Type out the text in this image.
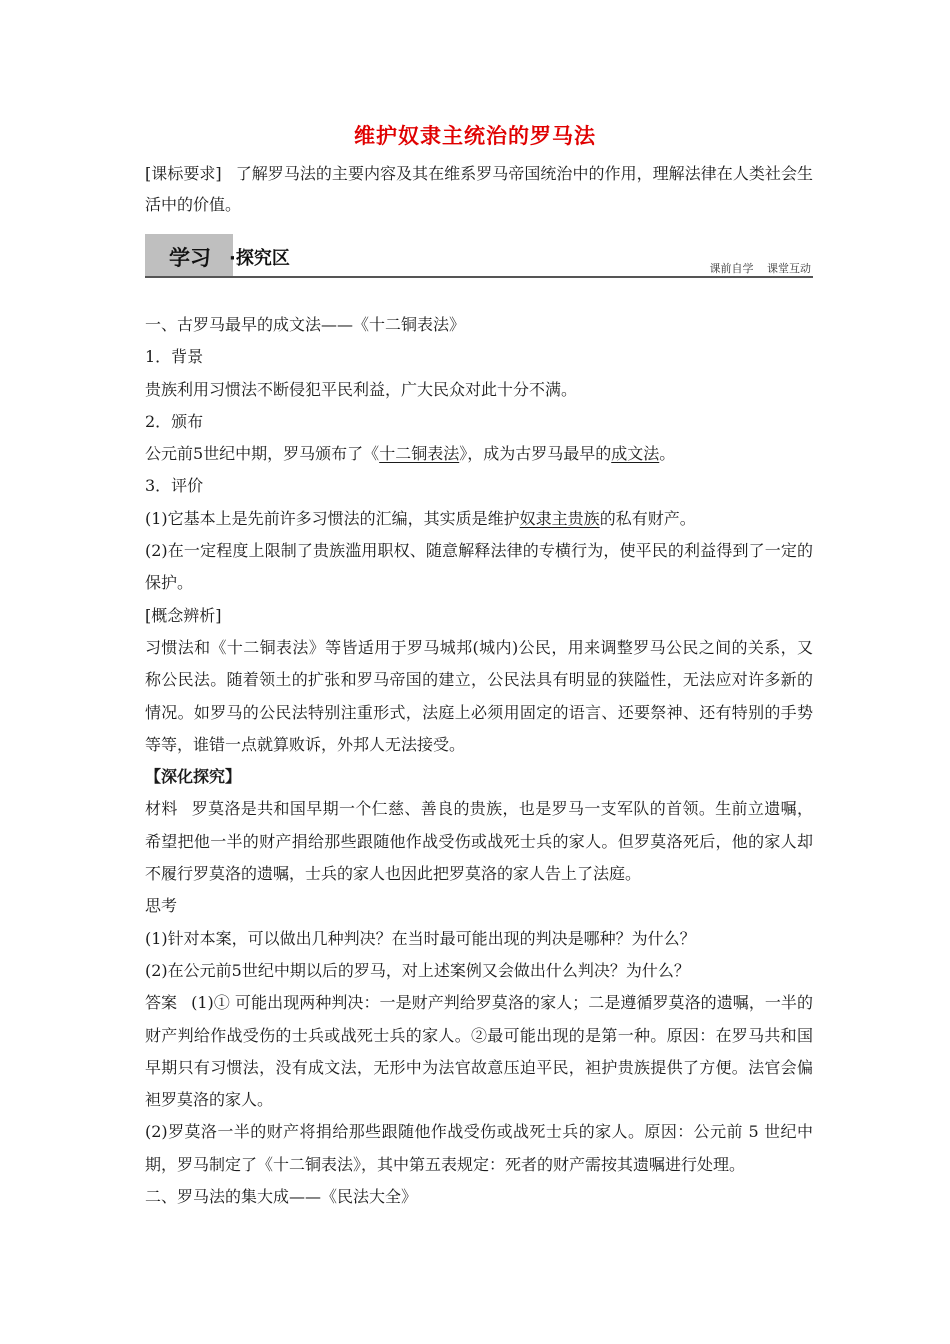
维护奴隶主统治的罗马法
[课标要求] 了解罗马法的主要内容及其在维系罗马帝国统治中的作用，理解法律在人类社会生活中的价值。
学习 ·探究区	课前自学 课堂互动

一、古罗马最早的成文法——《十二铜表法》

1．背景

贵族利用习惯法不断侵犯平民利益，广大民众对此十分不满。

2．颁布

公元前5世纪中期，罗马颁布了《十二铜表法》，成为古罗马最早的成文法。

3．评价

(1)它基本上是先前许多习惯法的汇编，其实质是维护奴隶主贵族的私有财产。

(2)在一定程度上限制了贵族滥用职权、随意解释法律的专横行为，使平民的利益得到了一定的保护。

[概念辨析]

习惯法和《十二铜表法》等皆适用于罗马城邦(城内)公民，用来调整罗马公民之间的关系，又称公民法。随着领土的扩张和罗马帝国的建立，公民法具有明显的狭隘性，无法应对许多新的情况。如罗马的公民法特别注重形式，法庭上必须用固定的语言、还要祭神、还有特别的手势等等，谁错一点就算败诉，外邦人无法接受。

【深化探究】

材料 罗莫洛是共和国早期一个仁慈、善良的贵族，也是罗马一支军队的首领。生前立遗嘱，希望把他一半的财产捐给那些跟随他作战受伤或战死士兵的家人。但罗莫洛死后，他的家人却不履行罗莫洛的遗嘱，士兵的家人也因此把罗莫洛的家人告上了法庭。

思考

(1)针对本案，可以做出几种判决？在当时最可能出现的判决是哪种？为什么？

(2)在公元前5世纪中期以后的罗马，对上述案例又会做出什么判决？为什么？

答案 (1)① 可能出现两种判决：一是财产判给罗莫洛的家人；二是遵循罗莫洛的遗嘱，一半的财产判给作战受伤的士兵或战死士兵的家人。②最可能出现的是第一种。原因：在罗马共和国早期只有习惯法，没有成文法，无形中为法官故意压迫平民，袒护贵族提供了方便。法官会偏袒罗莫洛的家人。

(2)罗莫洛一半的财产将捐给那些跟随他作战受伤或战死士兵的家人。原因：公元前 5 世纪中期，罗马制定了《十二铜表法》，其中第五表规定：死者的财产需按其遗嘱进行处理。

二、罗马法的集大成——《民法大全》
